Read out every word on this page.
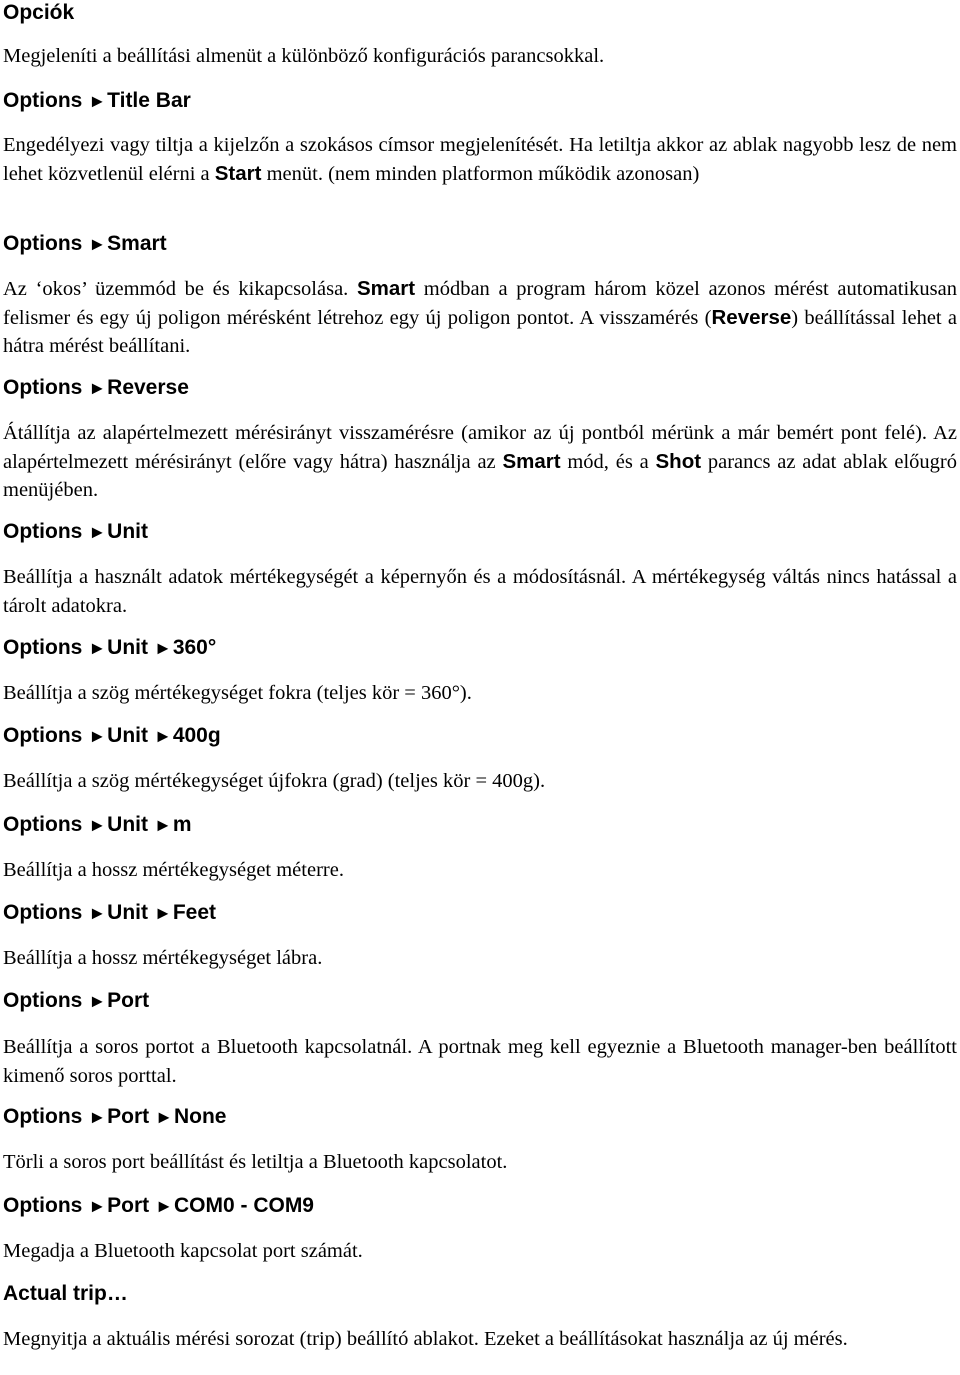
Opciók

Megjeleníti a beállítási almenüt a különböző konfigurációs parancsokkal.

Options ►Title Bar

Engedélyezi vagy tiltja a kijelzőn a szokásos címsor megjelenítését. Ha letiltja akkor az ablak nagyobb lesz de nem lehet közvetlenül elérni a Start menüt. (nem minden platformon működik azonosan)

Options ►Smart

Az ‘okos’ üzemmód be és kikapcsolása. Smart módban a program három közel azonos mérést automatikusan felismer és egy új poligon mérésként létrehoz egy új poligon pontot. A visszamérés (Reverse) beállítással lehet a hátra mérést beállítani.

Options ►Reverse

Átállítja az alapértelmezett mérésirányt visszamérésre (amikor az új pontból mérünk a már bemért pont felé). Az alapértelmezett mérésirányt (előre vagy hátra) használja az Smart mód, és a Shot parancs az adat ablak előugró menüjében.

Options ►Unit

Beállítja a használt adatok mértékegységét a képernyőn és a módosításnál. A mértékegység váltás nincs hatással a tárolt adatokra.

Options ►Unit ►360°

Beállítja a szög mértékegységet fokra (teljes kör = 360°).

Options ►Unit ►400g

Beállítja a szög mértékegységet újfokra (grad) (teljes kör = 400g).

Options ►Unit ►m

Beállítja a hossz mértékegységet méterre.

Options ►Unit ►Feet

Beállítja a hossz mértékegységet lábra.

Options ►Port

Beállítja a soros portot a Bluetooth kapcsolatnál. A portnak meg kell egyeznie a Bluetooth manager-ben beállított kimenő soros porttal.

Options ►Port ►None

Törli a soros port beállítást és letiltja a Bluetooth kapcsolatot.

Options ►Port ►COM0 - COM9

Megadja a Bluetooth kapcsolat port számát.

Actual trip…

Megnyitja a aktuális mérési sorozat (trip) beállító ablakot. Ezeket a beállításokat használja az új mérés.
